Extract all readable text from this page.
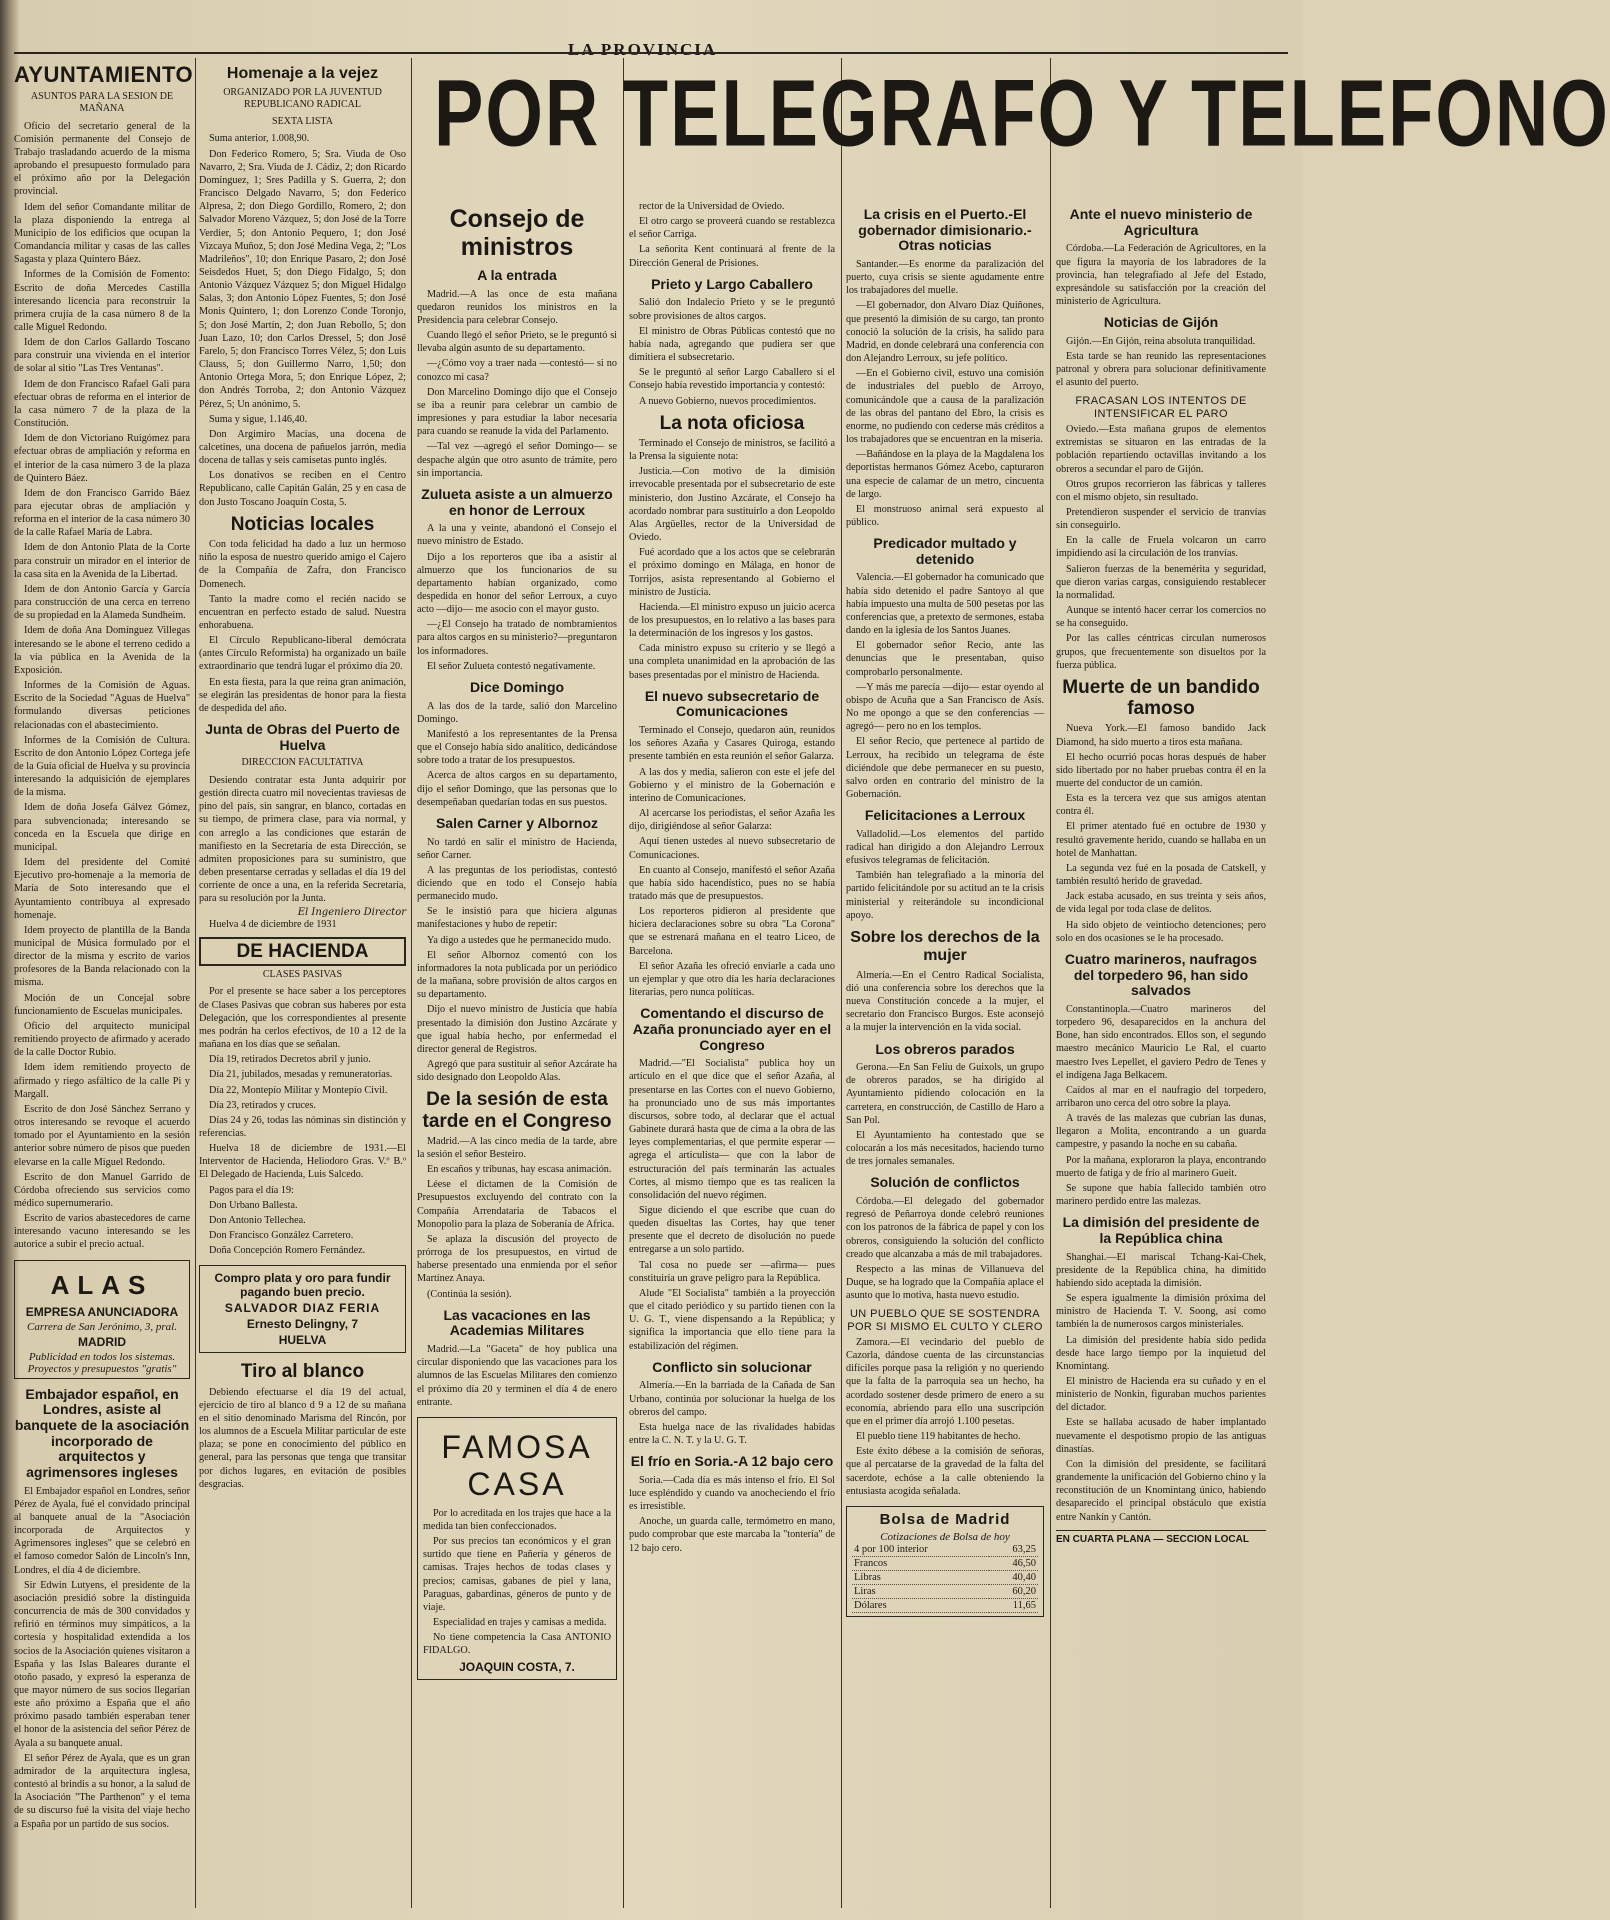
LA PROVINCIA
POR TELEGRAFO Y TELEFONO
AYUNTAMIENTO
ASUNTOS PARA LA SESION DE MAÑANA

Oficio del secretario general de la Comisión permanente del Consejo de Trabajo trasladando acuerdo de la misma aprobando el presupuesto formulado para el próximo año por la Delegación provincial.

Idem del señor Comandante militar de la plaza disponiendo la entrega al Municipio de los edificios que ocupan la Comandancia militar y casas de las calles Sagasta y plaza Quintero Báez.

Informes de la Comisión de Fomento: Escrito de doña Mercedes Castilla interesando licencia para reconstruir la primera crujía de la casa número 8 de la calle Miguel Redondo.

Idem de don Carlos Gallardo Toscano para construir una vivienda en el interior de solar al sitio "Las Tres Ventanas".

Idem de don Francisco Rafael Gali para efectuar obras de reforma en el interior de la casa número 7 de la plaza de la Constitución.

Idem de don Victoriano Ruigómez para efectuar obras de ampliación y reforma en el interior de la casa número 3 de la plaza de Quintero Báez.

Idem de don Francisco Garrido Báez para ejecutar obras de ampliación y reforma en el interior de la casa número 30 de la calle Rafael María de Labra.

Idem de don Antonio Plata de la Corte para construir un mirador en el interior de la casa sita en la Avenida de la Libertad.

Idem de don Antonio García y García para construcción de una cerca en terreno de su propiedad en la Alameda Sundheim.

Idem de doña Ana Domínguez Villegas interesando se le abone el terreno cedido a la vía pública en la Avenida de la Exposición.

Informes de la Comisión de Aguas. Escrito de la Sociedad "Aguas de Huelva" formulando diversas peticiones relacionadas con el abastecimiento.

Informes de la Comisión de Cultura. Escrito de don Antonio López Cortega jefe de la Guía oficial de Huelva y su provincia interesando la adquisición de ejemplares de la misma.

Idem de doña Josefa Gálvez Gómez, para subvencionada; interesando se conceda en la Escuela que dirige en municipal.

Idem del presidente del Comité Ejecutivo pro-homenaje a la memoria de María de Soto interesando que el Ayuntamiento contribuya al expresado homenaje.

Idem proyecto de plantilla de la Banda municipal de Música formulado por el director de la misma y escrito de varios profesores de la Banda relacionado con la misma.

Moción de un Concejal sobre funcionamiento de Escuelas municipales.

Oficio del arquitecto municipal remitiendo proyecto de afirmado y acerado de la calle Doctor Rubio.

Idem idem remitiendo proyecto de afirmado y riego asfáltico de la calle Pi y Margall.

Escrito de don José Sánchez Serrano y otros interesando se revoque el acuerdo tomado por el Ayuntamiento en la sesión anterior sobre número de pisos que pueden elevarse en la calle Miguel Redondo.

Escrito de don Manuel Garrido de Córdoba ofreciendo sus servicios como médico supernumerario.

Escrito de varios abastecedores de carne interesando vacuno interesando se les autorice a subir el precio actual.

ALAS
EMPRESA ANUNCIADORA
Carrera de San Jerónimo, 3, pral.
MADRID
Publicidad en todos los sistemas. Proyectos y presupuestos "gratis"
Embajador español, en Londres, asiste al banquete de la asociación incorporado de arquitectos y agrimensores ingleses

El Embajador español en Londres, señor Pérez de Ayala, fué el convidado principal al banquete anual de la "Asociación incorporada de Arquitectos y Agrimensores ingleses" que se celebró en el famoso comedor Salón de Lincoln's Inn, Londres, el día 4 de diciembre.

Sir Edwin Lutyens, el presidente de la asociación presidió sobre la distinguida concurrencia de más de 300 convidados y refirió en términos muy simpáticos, a la cortesía y hospitalidad extendida a los socios de la Asociación quienes visitaron a España y las Islas Baleares durante el otoño pasado, y expresó la esperanza de que mayor número de sus socios llegarían este año próximo a España que el año próximo pasado también esperaban tener el honor de la asistencia del señor Pérez de Ayala a su banquete anual.

El señor Pérez de Ayala, que es un gran admirador de la arquitectura inglesa, contestó al brindis a su honor, a la salud de la Asociación "The Parthenon" y el tema de su discurso fué la visita del viaje hecho a España por un partido de sus socios.

Homenaje a la vejez
ORGANIZADO POR LA JUVENTUD REPUBLICANO RADICAL
SEXTA LISTA

Suma anterior, 1.008,90.

Don Federico Romero, 5; Sra. Viuda de Oso Navarro, 2; Sra. Viuda de J. Cádiz, 2; don Ricardo Domínguez, 1; Sres Padilla y S. Guerra, 2; don Francisco Delgado Navarro, 5; don Federico Alpresa, 2; don Diego Gordillo, Romero, 2; don Salvador Moreno Vázquez, 5; don José de la Torre Verdier, 5; don Antonio Pequero, 1; don José Vizcaya Muñoz, 5; don José Medina Vega, 2; "Los Madrileños", 10; don Enrique Pasaro, 2; don José Seisdedos Huet, 5; don Diego Fidalgo, 5; don Antonio Vázquez Vázquez 5; don Miguel Hidalgo Salas, 3; don Antonio López Fuentes, 5; don José Monis Quintero, 1; don Lorenzo Conde Toronjo, 5; don José Martín, 2; don Juan Rebollo, 5; don Juan Lazo, 10; don Carlos Dressel, 5; don José Farelo, 5; don Francisco Torres Vélez, 5; don Luis Clauss, 5; don Guillermo Narro, 1,50; don Antonio Ortega Mora, 5; don Enrique López, 2; don Andrés Torroba, 2; don Antonio Vázquez Pérez, 5; Un anónimo, 5.

Suma y sigue, 1.146,40.

Don Argimiro Macías, una docena de calcetines, una docena de pañuelos jarrón, media docena de tallas y seis camisetas punto inglés.

Los donativos se reciben en el Centro Republicano, calle Capitán Galán, 25 y en casa de don Justo Toscano Joaquín Costa, 5.

Noticias locales

Con toda felicidad ha dado a luz un hermoso niño la esposa de nuestro querido amigo el Cajero de la Compañía de Zafra, don Francisco Domenech.

Tanto la madre como el recién nacido se encuentran en perfecto estado de salud. Nuestra enhorabuena.

El Círculo Republicano-liberal demócrata (antes Círculo Reformista) ha organizado un baile extraordinario que tendrá lugar el próximo día 20.

En esta fiesta, para la que reina gran animación, se elegirán las presidentas de honor para la fiesta de despedida del año.

Junta de Obras del Puerto de Huelva
DIRECCION FACULTATIVA

Desiendo contratar esta Junta adquirir por gestión directa cuatro mil novecientas traviesas de pino del país, sin sangrar, en blanco, cortadas en su tiempo, de primera clase, para vía normal, y con arreglo a las condiciones que estarán de manifiesto en la Secretaría de esta Dirección, se admiten proposiciones para su suministro, que deben presentarse cerradas y selladas el día 19 del corriente de once a una, en la referida Secretaría, para su resolución por la Junta.

El Ingeniero Director

Huelva 4 de diciembre de 1931

DE HACIENDA
CLASES PASIVAS

Por el presente se hace saber a los perceptores de Clases Pasivas que cobran sus haberes por esta Delegación, que los correspondientes al presente mes podrán ha cerlos efectivos, de 10 a 12 de la mañana en los días que se señalan.

Día 19, retirados Decretos abril y junio.

Día 21, jubilados, mesadas y remuneratorias.

Día 22, Montepío Militar y Montepío Civil.

Día 23, retirados y cruces.

Días 24 y 26, todas las nóminas sin distinción y referencias.

Huelva 18 de diciembre de 1931.—El Interventor de Hacienda, Heliodoro Gras. V.º B.º El Delegado de Hacienda, Luis Salcedo.

Pagos para el día 19:

Don Urbano Ballesta.

Don Antonio Tellechea.

Don Francisco González Carretero.

Doña Concepción Romero Fernández.

Compro plata y oro para fundir pagando buen precio.
SALVADOR DIAZ FERIA
Ernesto Delingny, 7
HUELVA
Tiro al blanco

Debiendo efectuarse el día 19 del actual, ejercicio de tiro al blanco d 9 a 12 de su mañana en el sitio denominado Marisma del Rincón, por los alumnos de a Escuela Militar particular de este plaza; se pone en conocimiento del público en general, para las personas que tenga que transitar por dichos lugares, en evitación de posibles desgracias.

Consejo de ministros
A la entrada

Madrid.—A las once de esta mañana quedaron reunidos los ministros en la Presidencia para celebrar Consejo.

Cuando llegó el señor Prieto, se le preguntó si llevaba algún asunto de su departamento.

—¿Cómo voy a traer nada —contestó— si no conozco mi casa?

Don Marcelino Domingo dijo que el Consejo se iba a reunir para celebrar un cambio de impresiones y para estudiar la labor necesaria para cuando se reanude la vida del Parlamento.

—Tal vez —agregó el señor Domingo— se despache algún que otro asunto de trámite, pero sin importancia.

Zulueta asiste a un almuerzo en honor de Lerroux

A la una y veinte, abandonó el Consejo el nuevo ministro de Estado.

Dijo a los reporteros que iba a asistir al almuerzo que los funcionarios de su departamento habían organizado, como despedida en honor del señor Lerroux, a cuyo acto —dijo— me asocio con el mayor gusto.

—¿El Consejo ha tratado de nombramientos para altos cargos en su ministerio?—preguntaron los informadores.

El señor Zulueta contestó negativamente.

Dice Domingo

A las dos de la tarde, salió don Marcelino Domingo.

Manifestó a los representantes de la Prensa que el Consejo había sido analítico, dedicándose sobre todo a tratar de los presupuestos.

Acerca de altos cargos en su departamento, dijo el señor Domingo, que las personas que lo desempeñaban quedarían todas en sus puestos.

Salen Carner y Albornoz

No tardó en salir el ministro de Hacienda, señor Carner.

A las preguntas de los periodistas, contestó diciendo que en todo el Consejo había permanecido mudo.

Se le insistió para que hiciera algunas manifestaciones y hubo de repetir:

Ya digo a ustedes que he permanecido mudo.

El señor Albornoz comentó con los informadores la nota publicada por un periódico de la mañana, sobre provisión de altos cargos en su departamento.

Dijo el nuevo ministro de Justicia que había presentado la dimisión don Justino Azcárate y que igual había hecho, por enfermedad el director general de Registros.

Agregó que para sustituir al señor Azcárate ha sido designado don Leopoldo Alas.

De la sesión de esta tarde en el Congreso

Madrid.—A las cinco media de la tarde, abre la sesión el señor Besteiro.

En escaños y tribunas, hay escasa animación.

Léese el dictamen de la Comisión de Presupuestos excluyendo del contrato con la Compañía Arrendataria de Tabacos el Monopolio para la plaza de Soberanía de Africa.

Se aplaza la discusión del proyecto de prórroga de los presupuestos, en virtud de haberse presentado una enmienda por el señor Martínez Anaya.

(Continúa la sesión).

Las vacaciones en las Academias Militares

Madrid.—La "Gaceta" de hoy publica una circular disponiendo que las vacaciones para los alumnos de las Escuelas Militares den comienzo el próximo día 20 y terminen el día 4 de enero entrante.

FAMOSA CASA

Por lo acreditada en los trajes que hace a la medida tan bien confeccionados.

Por sus precios tan económicos y el gran surtido que tiene en Pañería y géneros de camisas. Trajes hechos de todas clases y precios; camisas, gabanes de piel y lana, Paraguas, gabardinas, géneros de punto y de viaje.

Especialidad en trajes y camisas a medida.

No tiene competencia la Casa ANTONIO FIDALGO.

JOAQUIN COSTA, 7.

rector de la Universidad de Oviedo.

El otro cargo se proveerá cuando se restablezca el señor Carriga.

La señorita Kent continuará al frente de la Dirección General de Prisiones.

Prieto y Largo Caballero

Salió don Indalecio Prieto y se le preguntó sobre provisiones de altos cargos.

El ministro de Obras Públicas contestó que no había nada, agregando que pudiera ser que dimitiera el subsecretario.

Se le preguntó al señor Largo Caballero si el Consejo había revestido importancia y contestó:

A nuevo Gobierno, nuevos procedimientos.

La nota oficiosa

Terminado el Consejo de ministros, se facilitó a la Prensa la siguiente nota:

Justicia.—Con motivo de la dimisión irrevocable presentada por el subsecretario de este ministerio, don Justino Azcárate, el Consejo ha acordado nombrar para sustituirlo a don Leopoldo Alas Argüelles, rector de la Universidad de Oviedo.

Fué acordado que a los actos que se celebrarán el próximo domingo en Málaga, en honor de Torrijos, asista representando al Gobierno el ministro de Justicia.

Hacienda.—El ministro expuso un juicio acerca de los presupuestos, en lo relativo a las bases para la determinación de los ingresos y los gastos.

Cada ministro expuso su criterio y se llegó a una completa unanimidad en la aprobación de las bases presentadas por el ministro de Hacienda.

El nuevo subsecretario de Comunicaciones

Terminado el Consejo, quedaron aún, reunidos los señores Azaña y Casares Quiroga, estando presente también en esta reunión el señor Galarza.

A las dos y media, salieron con este el jefe del Gobierno y el ministro de la Gobernación e interino de Comunicaciones.

Al acercarse los periodistas, el señor Azaña les dijo, dirigiéndose al señor Galarza:

Aquí tienen ustedes al nuevo subsecretario de Comunicaciones.

En cuanto al Consejo, manifestó el señor Azaña que había sido hacendístico, pues no se había tratado más que de presupuestos.

Los reporteros pidieron al presidente que hiciera declaraciones sobre su obra "La Corona" que se estrenará mañana en el teatro Liceo, de Barcelona.

El señor Azaña les ofreció enviarle a cada uno un ejemplar y que otro día les haría declaraciones literarias, pero nunca políticas.

Comentando el discurso de Azaña pronunciado ayer en el Congreso

Madrid.—"El Socialista" publica hoy un artículo en el que dice que el señor Azaña, al presentarse en las Cortes con el nuevo Gobierno, ha pronunciado uno de sus más importantes discursos, sobre todo, al declarar que el actual Gabinete durará hasta que de cima a la obra de las leyes complementarias, el que permite esperar —agrega el articulista— que con la labor de estructuración del país terminarán las actuales Cortes, al mismo tiempo que es tas realicen la consolidación del nuevo régimen.

Sigue diciendo el que escribe que cuan do queden disueltas las Cortes, hay que tener presente que el decreto de disolución no puede entregarse a un solo partido.

Tal cosa no puede ser —afirma— pues constituiría un grave peligro para la República.

Alude "El Socialista" también a la proyección que el citado periódico y su partido tienen con la U. G. T., viene dispensando a la República; y significa la importancia que ello tiene para la estabilización del régimen.

Conflicto sin solucionar

Almería.—En la barriada de la Cañada de San Urbano, continúa por solucionar la huelga de los obreros del campo.

Esta huelga nace de las rivalidades habidas entre la C. N. T. y la U. G. T.

El frío en Soria.-A 12 bajo cero

Soria.—Cada día es más intenso el frío. El Sol luce espléndido y cuando va anocheciendo el frío es irresistible.

Anoche, un guarda calle, termómetro en mano, pudo comprobar que este marcaba la "tontería" de 12 bajo cero.

La crisis en el Puerto.-El gobernador dimisionario.-Otras noticias

Santander.—Es enorme da paralización del puerto, cuya crisis se siente agudamente entre los trabajadores del muelle.

—El gobernador, don Alvaro Díaz Quiñones, que presentó la dimisión de su cargo, tan pronto conoció la solución de la crisis, ha salido para Madrid, en donde celebrará una conferencia con don Alejandro Lerroux, su jefe político.

—En el Gobierno civil, estuvo una comisión de industriales del pueblo de Arroyo, comunicándole que a causa de la paralización de las obras del pantano del Ebro, la crisis es enorme, no pudiendo con cederse más créditos a los trabajadores que se encuentran en la miseria.

—Bañándose en la playa de la Magdalena los deportistas hermanos Gómez Acebo, capturaron una especie de calamar de un metro, cincuenta de largo.

El monstruoso animal será expuesto al público.

Predicador multado y detenido

Valencia.—El gobernador ha comunicado que había sido detenido el padre Santoyo al que había impuesto una multa de 500 pesetas por las conferencias que, a pretexto de sermones, estaba dando en la iglesia de los Santos Juanes.

El gobernador señor Recio, ante las denuncias que le presentaban, quiso comprobarlo personalmente.

—Y más me parecía —dijo— estar oyendo al obispo de Acuña que a San Francisco de Asís. No me opongo a que se den conferencias —agregó— pero no en los templos.

El señor Recio, que pertenece al partido de Lerroux, ha recibido un telegrama de éste diciéndole que debe permanecer en su puesto, salvo orden en contrario del ministro de la Gobernación.

Felicitaciones a Lerroux

Valladolid.—Los elementos del partido radical han dirigido a don Alejandro Lerroux efusivos telegramas de felicitación.

También han telegrafiado a la minoría del partido felicitándole por su actitud an te la crisis ministerial y reiterándole su incondicional apoyo.

Sobre los derechos de la mujer

Almería.—En el Centro Radical Socialista, dió una conferencia sobre los derechos que la nueva Constitución concede a la mujer, el secretario don Francisco Burgos. Este aconsejó a la mujer la intervención en la vida social.

Los obreros parados

Gerona.—En San Feliu de Guixols, un grupo de obreros parados, se ha dirigido al Ayuntamiento pidiendo colocación en la carretera, en construcción, de Castillo de Haro a San Pol.

El Ayuntamiento ha contestado que se colocarán a los más necesitados, haciendo turno de tres jornales semanales.

Solución de conflictos

Córdoba.—El delegado del gobernador regresó de Peñarroya donde celebró reuniones con los patronos de la fábrica de papel y con los obreros, consiguiendo la solución del conflicto creado que alcanzaba a más de mil trabajadores.

Respecto a las minas de Villanueva del Duque, se ha logrado que la Compañía aplace el asunto que lo motiva, hasta nuevo estudio.

UN PUEBLO QUE SE SOSTENDRA POR SI MISMO EL CULTO Y CLERO

Zamora.—El vecindario del pueblo de Cazorla, dándose cuenta de las circunstancias difíciles porque pasa la religión y no queriendo que la falta de la parroquia sea un hecho, ha acordado sostener desde primero de enero a su economía, abriendo para ello una suscripción que en el primer día arrojó 1.100 pesetas.

El pueblo tiene 119 habitantes de hecho.

Este éxito débese a la comisión de señoras, que al percatarse de la gravedad de la falta del sacerdote, echóse a la calle obteniendo la entusiasta acogida señalada.

Bolsa de Madrid
Cotizaciones de Bolsa de hoy
4 por 100 interior	63,25
Francos	46,50
Libras	40,40
Liras	60,20
Dólares	11,65
Ante el nuevo ministerio de Agricultura

Córdoba.—La Federación de Agricultores, en la que figura la mayoría de los labradores de la provincia, han telegrafiado al Jefe del Estado, expresándole su satisfacción por la creación del ministerio de Agricultura.

Noticias de Gijón

Gijón.—En Gijón, reina absoluta tranquilidad.

Esta tarde se han reunido las representaciones patronal y obrera para solucionar definitivamente el asunto del puerto.

FRACASAN LOS INTENTOS DE INTENSIFICAR EL PARO

Oviedo.—Esta mañana grupos de elementos extremistas se situaron en las entradas de la población repartiendo octavillas invitando a los obreros a secundar el paro de Gijón.

Otros grupos recorrieron las fábricas y talleres con el mismo objeto, sin resultado.

Pretendieron suspender el servicio de tranvías sin conseguirlo.

En la calle de Fruela volcaron un carro impidiendo así la circulación de los tranvías.

Salieron fuerzas de la benemérita y seguridad, que dieron varias cargas, consiguiendo restablecer la normalidad.

Aunque se intentó hacer cerrar los comercios no se ha conseguido.

Por las calles céntricas circulan numerosos grupos, que frecuentemente son disueltos por la fuerza pública.

Muerte de un bandido famoso

Nueva York.—El famoso bandido Jack Diamond, ha sido muerto a tiros esta mañana.

El hecho ocurrió pocas horas después de haber sido libertado por no haber pruebas contra él en la muerte del conductor de un camión.

Esta es la tercera vez que sus amigos atentan contra él.

El primer atentado fué en octubre de 1930 y resultó gravemente herido, cuando se hallaba en un hotel de Manhattan.

La segunda vez fué en la posada de Catskell, y también resultó herido de gravedad.

Jack estaba acusado, en sus treinta y seis años, de vida legal por toda clase de delitos.

Ha sido objeto de veintiocho detenciones; pero solo en dos ocasiones se le ha procesado.

Cuatro marineros, naufragos del torpedero 96, han sido salvados

Constantinopla.—Cuatro marineros del torpedero 96, desaparecidos en la anchura del Bone, han sido encontrados. Ellos son, el segundo maestro mecánico Mauricio Le Ral, el cuarto maestro Ives Lepellet, el gaviero Pedro de Tenes y el indígena Jaga Belkacem.

Caídos al mar en el naufragio del torpedero, arribaron uno cerca del otro sobre la playa.

A través de las malezas que cubrían las dunas, llegaron a Molita, encontrando a un guarda campestre, y pasando la noche en su cabaña.

Por la mañana, exploraron la playa, encontrando muerto de fatiga y de frío al marinero Gueit.

Se supone que había fallecido también otro marinero perdido entre las malezas.

La dimisión del presidente de la República china

Shanghai.—El mariscal Tchang-Kai-Chek, presidente de la República china, ha dimitido habiendo sido aceptada la dimisión.

Se espera igualmente la dimisión próxima del ministro de Hacienda T. V. Soong, así como también la de numerosos cargos ministeriales.

La dimisión del presidente había sido pedida desde hace largo tiempo por la inquietud del Knomintang.

El ministro de Hacienda era su cuñado y en el ministerio de Nonkin, figuraban muchos parientes del dictador.

Este se hallaba acusado de haber implantado nuevamente el despotismo propio de las antiguas dinastías.

Con la dimisión del presidente, se facilitará grandemente la unificación del Gobierno chino y la reconstitución de un Knomintang único, habiendo desaparecido el principal obstáculo que existía entre Nankín y Cantón.

EN CUARTA PLANA — SECCION LOCAL
